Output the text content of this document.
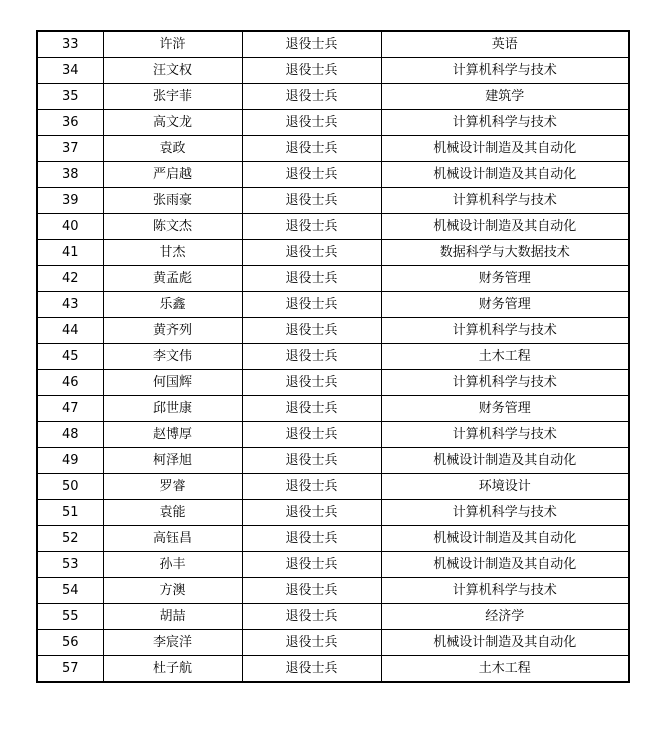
33	许浒	退役士兵	英语
34	汪文权	退役士兵	计算机科学与技术
35	张宇菲	退役士兵	建筑学
36	高文龙	退役士兵	计算机科学与技术
37	袁政	退役士兵	机械设计制造及其自动化
38	严启越	退役士兵	机械设计制造及其自动化
39	张雨豪	退役士兵	计算机科学与技术
40	陈文杰	退役士兵	机械设计制造及其自动化
41	甘杰	退役士兵	数据科学与大数据技术
42	黄孟彪	退役士兵	财务管理
43	乐鑫	退役士兵	财务管理
44	黄齐列	退役士兵	计算机科学与技术
45	李文伟	退役士兵	土木工程
46	何国辉	退役士兵	计算机科学与技术
47	邱世康	退役士兵	财务管理
48	赵博厚	退役士兵	计算机科学与技术
49	柯泽旭	退役士兵	机械设计制造及其自动化
50	罗睿	退役士兵	环境设计
51	袁能	退役士兵	计算机科学与技术
52	高钰昌	退役士兵	机械设计制造及其自动化
53	孙丰	退役士兵	机械设计制造及其自动化
54	方澳	退役士兵	计算机科学与技术
55	胡喆	退役士兵	经济学
56	李宸洋	退役士兵	机械设计制造及其自动化
57	杜子航	退役士兵	土木工程
